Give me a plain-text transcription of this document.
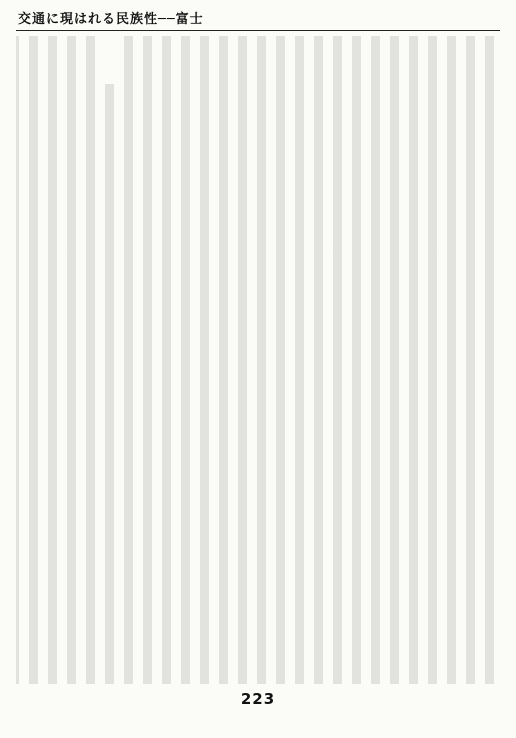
交通に現はれる民族性──富士
223
